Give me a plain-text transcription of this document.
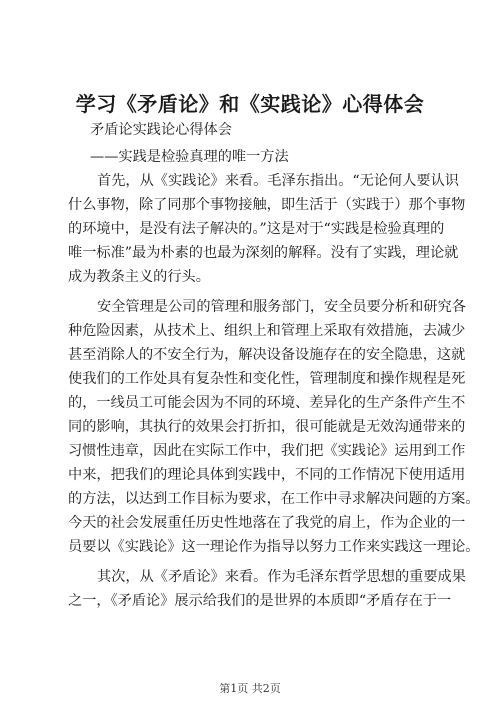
学习《矛盾论》和《实践论》心得体会
矛盾论实践论心得体会
——实践是检验真理的唯一方法
首先，从《实践论》来看。毛泽东指出。“无论何人要认识
什么事物，除了同那个事物接触，即生活于（实践于）那个事物
的环境中，是没有法子解决的。”这是对于“实践是检验真理的
唯一标准”最为朴素的也最为深刻的解释。没有了实践，理论就
成为教条主义的行头。
安全管理是公司的管理和服务部门，安全员要分析和研究各
种危险因素，从技术上、组织上和管理上采取有效措施，去减少
甚至消除人的不安全行为，解决设备设施存在的安全隐患，这就
使我们的工作处具有复杂性和变化性，管理制度和操作规程是死
的，一线员工可能会因为不同的环境、差异化的生产条件产生不
同的影响，其执行的效果会打折扣，很可能就是无效沟通带来的
习惯性违章，因此在实际工作中，我们把《实践论》运用到工作
中来，把我们的理论具体到实践中，不同的工作情况下使用适用
的方法，以达到工作目标为要求，在工作中寻求解决问题的方案。
今天的社会发展重任历史性地落在了我党的肩上，作为企业的一
员要以《实践论》这一理论作为指导以努力工作来实践这一理论。
其次，从《矛盾论》来看。作为毛泽东哲学思想的重要成果
之一，《矛盾论》展示给我们的是世界的本质即“矛盾存在于一
第1页 共2页
